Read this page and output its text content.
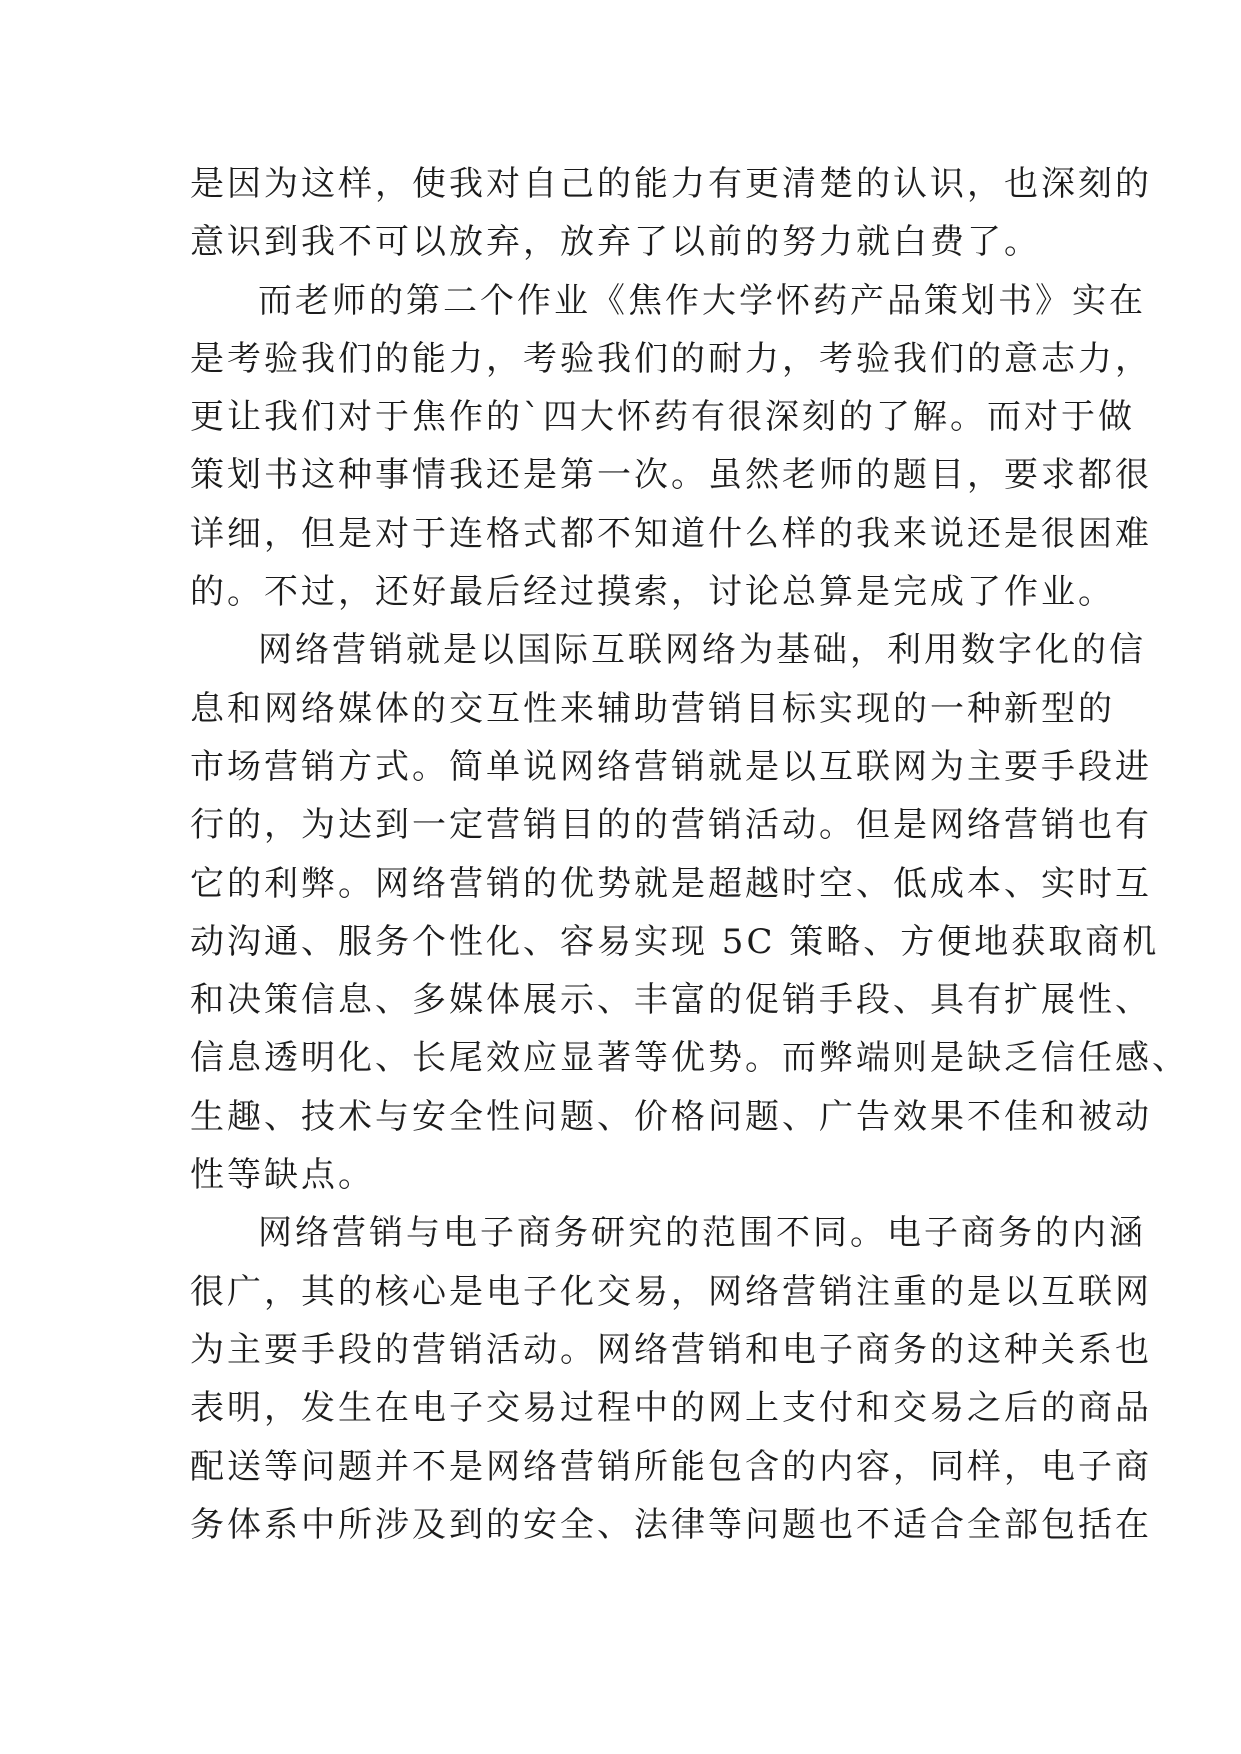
是因为这样，使我对自己的能力有更清楚的认识，也深刻的
意识到我不可以放弃，放弃了以前的努力就白费了。
而老师的第二个作业《焦作大学怀药产品策划书》实在
是考验我们的能力，考验我们的耐力，考验我们的意志力，
更让我们对于焦作的`四大怀药有很深刻的了解。而对于做
策划书这种事情我还是第一次。虽然老师的题目，要求都很
详细，但是对于连格式都不知道什么样的我来说还是很困难
的。不过，还好最后经过摸索，讨论总算是完成了作业。
网络营销就是以国际互联网络为基础，利用数字化的信
息和网络媒体的交互性来辅助营销目标实现的一种新型的
市场营销方式。简单说网络营销就是以互联网为主要手段进
行的，为达到一定营销目的的营销活动。但是网络营销也有
它的利弊。网络营销的优势就是超越时空、低成本、实时互
动沟通、服务个性化、容易实现 5C 策略、方便地获取商机
和决策信息、多媒体展示、丰富的促销手段、具有扩展性、
信息透明化、长尾效应显著等优势。而弊端则是缺乏信任感、
生趣、技术与安全性问题、价格问题、广告效果不佳和被动
性等缺点。
网络营销与电子商务研究的范围不同。电子商务的内涵
很广，其的核心是电子化交易，网络营销注重的是以互联网
为主要手段的营销活动。网络营销和电子商务的这种关系也
表明，发生在电子交易过程中的网上支付和交易之后的商品
配送等问题并不是网络营销所能包含的内容，同样，电子商
务体系中所涉及到的安全、法律等问题也不适合全部包括在
